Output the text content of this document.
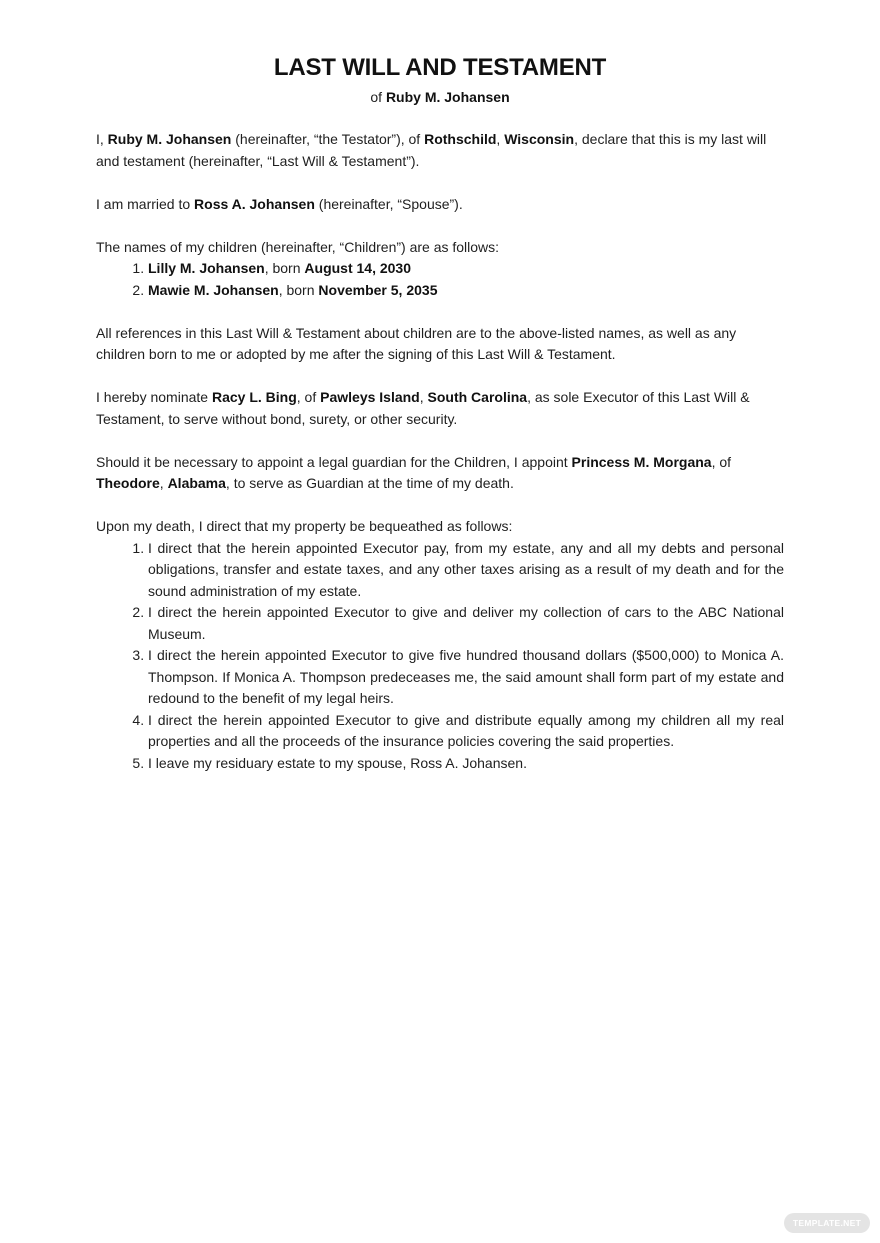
LAST WILL AND TESTAMENT

of Ruby M. Johansen

I, Ruby M. Johansen (hereinafter, “the Testator”), of Rothschild, Wisconsin, declare that this is my last will and testament (hereinafter, “Last Will & Testament”).

I am married to Ross A. Johansen (hereinafter, “Spouse”).

The names of my children (hereinafter, “Children”) are as follows:

1. Lilly M. Johansen, born August 14, 2030
2. Mawie M. Johansen, born November 5, 2035

All references in this Last Will & Testament about children are to the above-listed names, as well as any children born to me or adopted by me after the signing of this Last Will & Testament.

I hereby nominate Racy L. Bing, of Pawleys Island, South Carolina, as sole Executor of this Last Will & Testament, to serve without bond, surety, or other security.

Should it be necessary to appoint a legal guardian for the Children, I appoint Princess M. Morgana, of Theodore, Alabama, to serve as Guardian at the time of my death.

Upon my death, I direct that my property be bequeathed as follows:

1. I direct that the herein appointed Executor pay, from my estate, any and all my debts and personal obligations, transfer and estate taxes, and any other taxes arising as a result of my death and for the sound administration of my estate.
2. I direct the herein appointed Executor to give and deliver my collection of cars to the ABC National Museum.
3. I direct the herein appointed Executor to give five hundred thousand dollars ($500,000) to Monica A. Thompson. If Monica A. Thompson predeceases me, the said amount shall form part of my estate and redound to the benefit of my legal heirs.
4. I direct the herein appointed Executor to give and distribute equally among my children all my real properties and all the proceeds of the insurance policies covering the said properties.
5. I leave my residuary estate to my spouse, Ross A. Johansen.
TEMPLATE.NET
